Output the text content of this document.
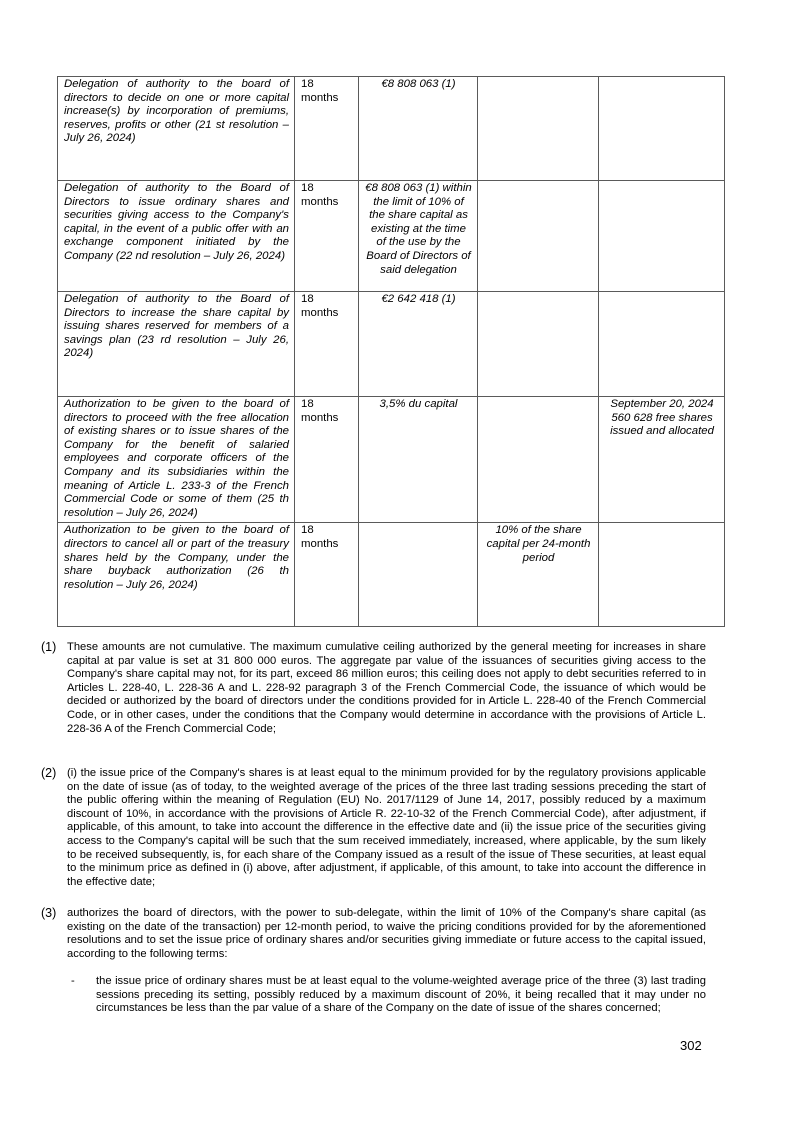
Delegation of authority to the board of directors to decide on one or more capital increase(s) by incorporation of premiums, reserves, profits or other (21 st resolution – July 26, 2024)	18 months	€8 808 063 (1)		
Delegation of authority to the Board of Directors to issue ordinary shares and securities giving access to the Company's capital, in the event of a public offer with an exchange component initiated by the Company (22 nd resolution – July 26, 2024)	18 months	€8 808 063 (1) within the limit of 10% of the share capital as existing at the time of the use by the Board of Directors of said delegation		
Delegation of authority to the Board of Directors to increase the share capital by issuing shares reserved for members of a savings plan (23 rd resolution – July 26, 2024)	18 months	€2 642 418 (1)		
Authorization to be given to the board of directors to proceed with the free allocation of existing shares or to issue shares of the Company for the benefit of salaried employees and corporate officers of the Company and its subsidiaries within the meaning of Article L. 233-3 of the French Commercial Code or some of them (25 th resolution – July 26, 2024)	18 months	3,5% du capital		September 20, 2024 560 628 free shares issued and allocated
Authorization to be given to the board of directors to cancel all or part of the treasury shares held by the Company, under the share buyback authorization (26 th resolution – July 26, 2024)	18 months		10% of the share capital per 24-month period	
(1) These amounts are not cumulative. The maximum cumulative ceiling authorized by the general meeting for increases in share capital at par value is set at 31 800 000 euros. The aggregate par value of the issuances of securities giving access to the Company's share capital may not, for its part, exceed 86 million euros; this ceiling does not apply to debt securities referred to in Articles L. 228-40, L. 228-36 A and L. 228-92 paragraph 3 of the French Commercial Code, the issuance of which would be decided or authorized by the board of directors under the conditions provided for in Article L. 228-40 of the French Commercial Code, or in other cases, under the conditions that the Company would determine in accordance with the provisions of Article L. 228-36 A of the French Commercial Code;
(2) (i) the issue price of the Company's shares is at least equal to the minimum provided for by the regulatory provisions applicable on the date of issue (as of today, to the weighted average of the prices of the three last trading sessions preceding the start of the public offering within the meaning of Regulation (EU) No. 2017/1129 of June 14, 2017, possibly reduced by a maximum discount of 10%, in accordance with the provisions of Article R. 22-10-32 of the French Commercial Code), after adjustment, if applicable, of this amount, to take into account the difference in the effective date and (ii) the issue price of the securities giving access to the Company's capital will be such that the sum received immediately, increased, where applicable, by the sum likely to be received subsequently, is, for each share of the Company issued as a result of the issue of These securities, at least equal to the minimum price as defined in (i) above, after adjustment, if applicable, of this amount, to take into account the difference in the effective date;
(3) authorizes the board of directors, with the power to sub-delegate, within the limit of 10% of the Company's share capital (as existing on the date of the transaction) per 12-month period, to waive the pricing conditions provided for by the aforementioned resolutions and to set the issue price of ordinary shares and/or securities giving immediate or future access to the capital issued, according to the following terms:
- the issue price of ordinary shares must be at least equal to the volume-weighted average price of the three (3) last trading sessions preceding its setting, possibly reduced by a maximum discount of 20%, it being recalled that it may under no circumstances be less than the par value of a share of the Company on the date of issue of the shares concerned;
302
